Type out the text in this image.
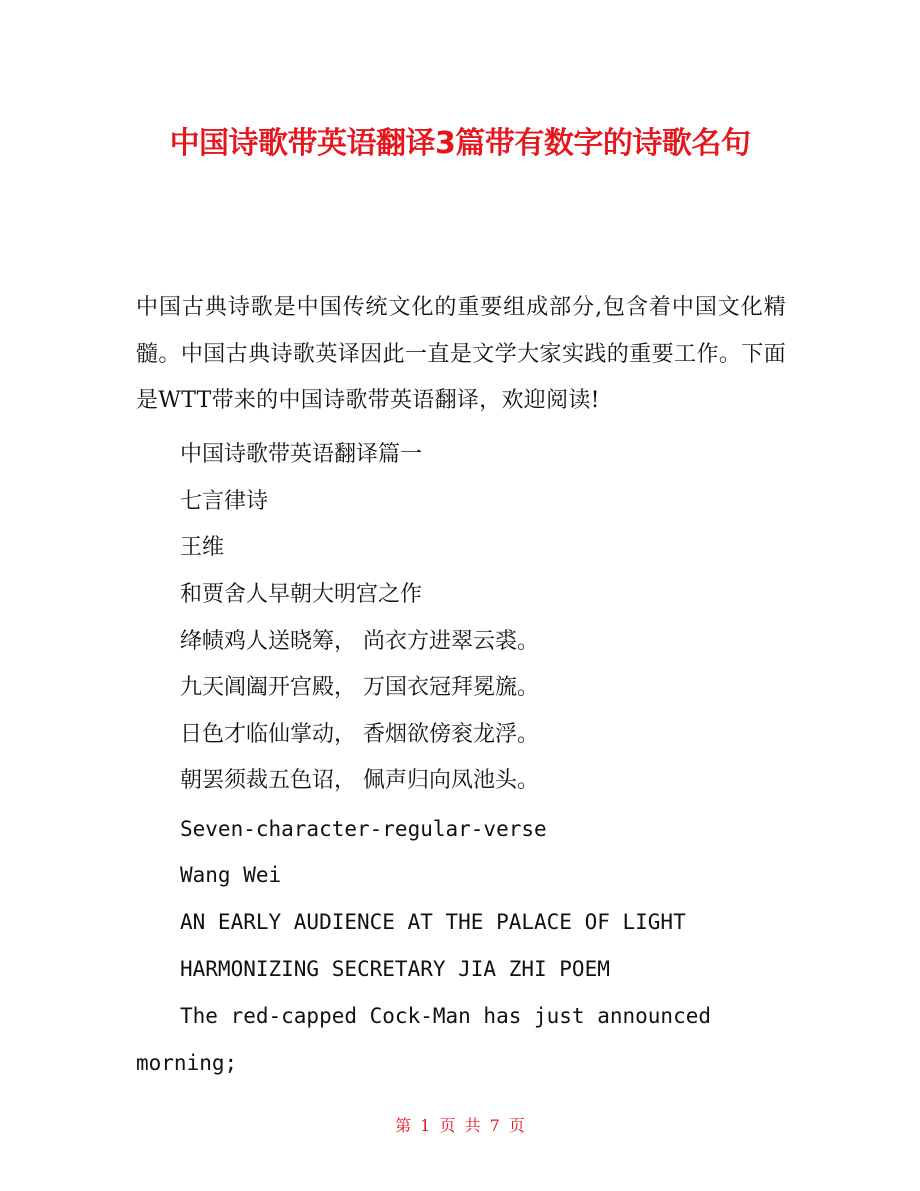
中国诗歌带英语翻译3篇带有数字的诗歌名句

中国古典诗歌是中国传统文化的重要组成部分,包含着中国文化精髓。中国古典诗歌英译因此一直是文学大家实践的重要工作。下面是WTT带来的中国诗歌带英语翻译，欢迎阅读!

中国诗歌带英语翻译篇一

七言律诗

王维

和贾舍人早朝大明宫之作

绛帻鸡人送晓筹， 尚衣方进翠云裘。

九天阊阖开宫殿， 万国衣冠拜冕旒。

日色才临仙掌动， 香烟欲傍衮龙浮。

朝罢须裁五色诏， 佩声归向凤池头。

Seven-character-regular-verse

Wang Wei

AN EARLY AUDIENCE AT THE PALACE OF LIGHT

HARMONIZING SECRETARY JIA ZHI POEM

The red-capped Cock-Man has just announced

morning;

第 1 页 共 7 页
